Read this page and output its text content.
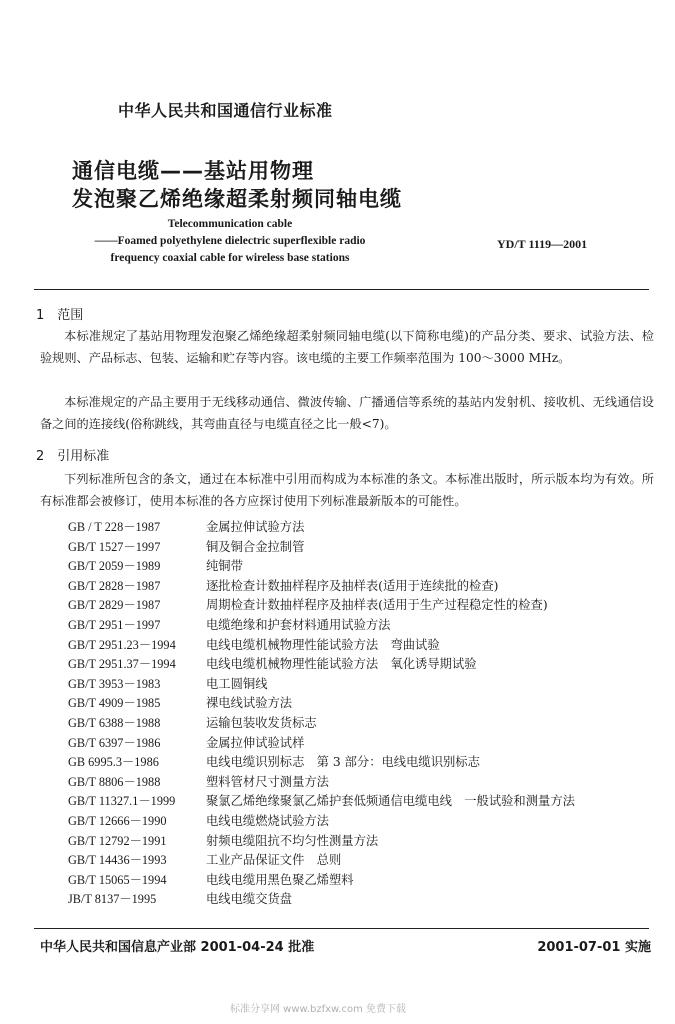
中华人民共和国通信行业标准
通信电缆——基站用物理
发泡聚乙烯绝缘超柔射频同轴电缆
Telecommunication cable
——Foamed polyethylene dielectric superflexible radio
frequency coaxial cable for wireless base stations
YD/T 1119—2001
1　范围
本标准规定了基站用物理发泡聚乙烯绝缘超柔射频同轴电缆(以下简称电缆)的产品分类、要求、试验方法、检验规则、产品标志、包装、运输和贮存等内容。该电缆的主要工作频率范围为 100～3000 MHz。
本标准规定的产品主要用于无线移动通信、微波传输、广播通信等系统的基站内发射机、接收机、无线通信设备之间的连接线(俗称跳线，其弯曲直径与电缆直径之比一般<7)。
2　引用标准
下列标准所包含的条文，通过在本标准中引用而构成为本标准的条文。本标准出版时，所示版本均为有效。所有标准都会被修订，使用本标准的各方应探讨使用下列标准最新版本的可能性。
GB / T 228－1987	金属拉伸试验方法
GB/T 1527－1997	铜及铜合金拉制管
GB/T 2059－1989	纯铜带
GB/T 2828－1987	逐批检查计数抽样程序及抽样表(适用于连续批的检查)
GB/T 2829－1987	周期检查计数抽样程序及抽样表(适用于生产过程稳定性的检查)
GB/T 2951－1997	电缆绝缘和护套材料通用试验方法
GB/T 2951.23－1994 电线电缆机械物理性能试验方法　弯曲试验
GB/T 2951.37－1994 电线电缆机械物理性能试验方法　氧化诱导期试验
GB/T 3953－1983	电工圆铜线
GB/T 4909－1985	裸电线试验方法
GB/T 6388－1988	运输包装收发货标志
GB/T 6397－1986	金属拉伸试验试样
GB 6995.3－1986	电线电缆识别标志　第 3 部分：电线电缆识别标志
GB/T 8806－1988	塑料管材尺寸测量方法
GB/T 11327.1－1999 聚氯乙烯绝缘聚氯乙烯护套低频通信电缆电线　一般试验和测量方法
GB/T 12666－1990	电线电缆燃烧试验方法
GB/T 12792－1991	射频电缆阻抗不均匀性测量方法
GB/T 14436－1993	工业产品保证文件　总则
GB/T 15065－1994	电线电缆用黑色聚乙烯塑料
JB/T 8137－1995	电线电缆交货盘
中华人民共和国信息产业部 2001-04-24 批准	2001-07-01 实施
标准分享网 www.bzfxw.com 免费下载
